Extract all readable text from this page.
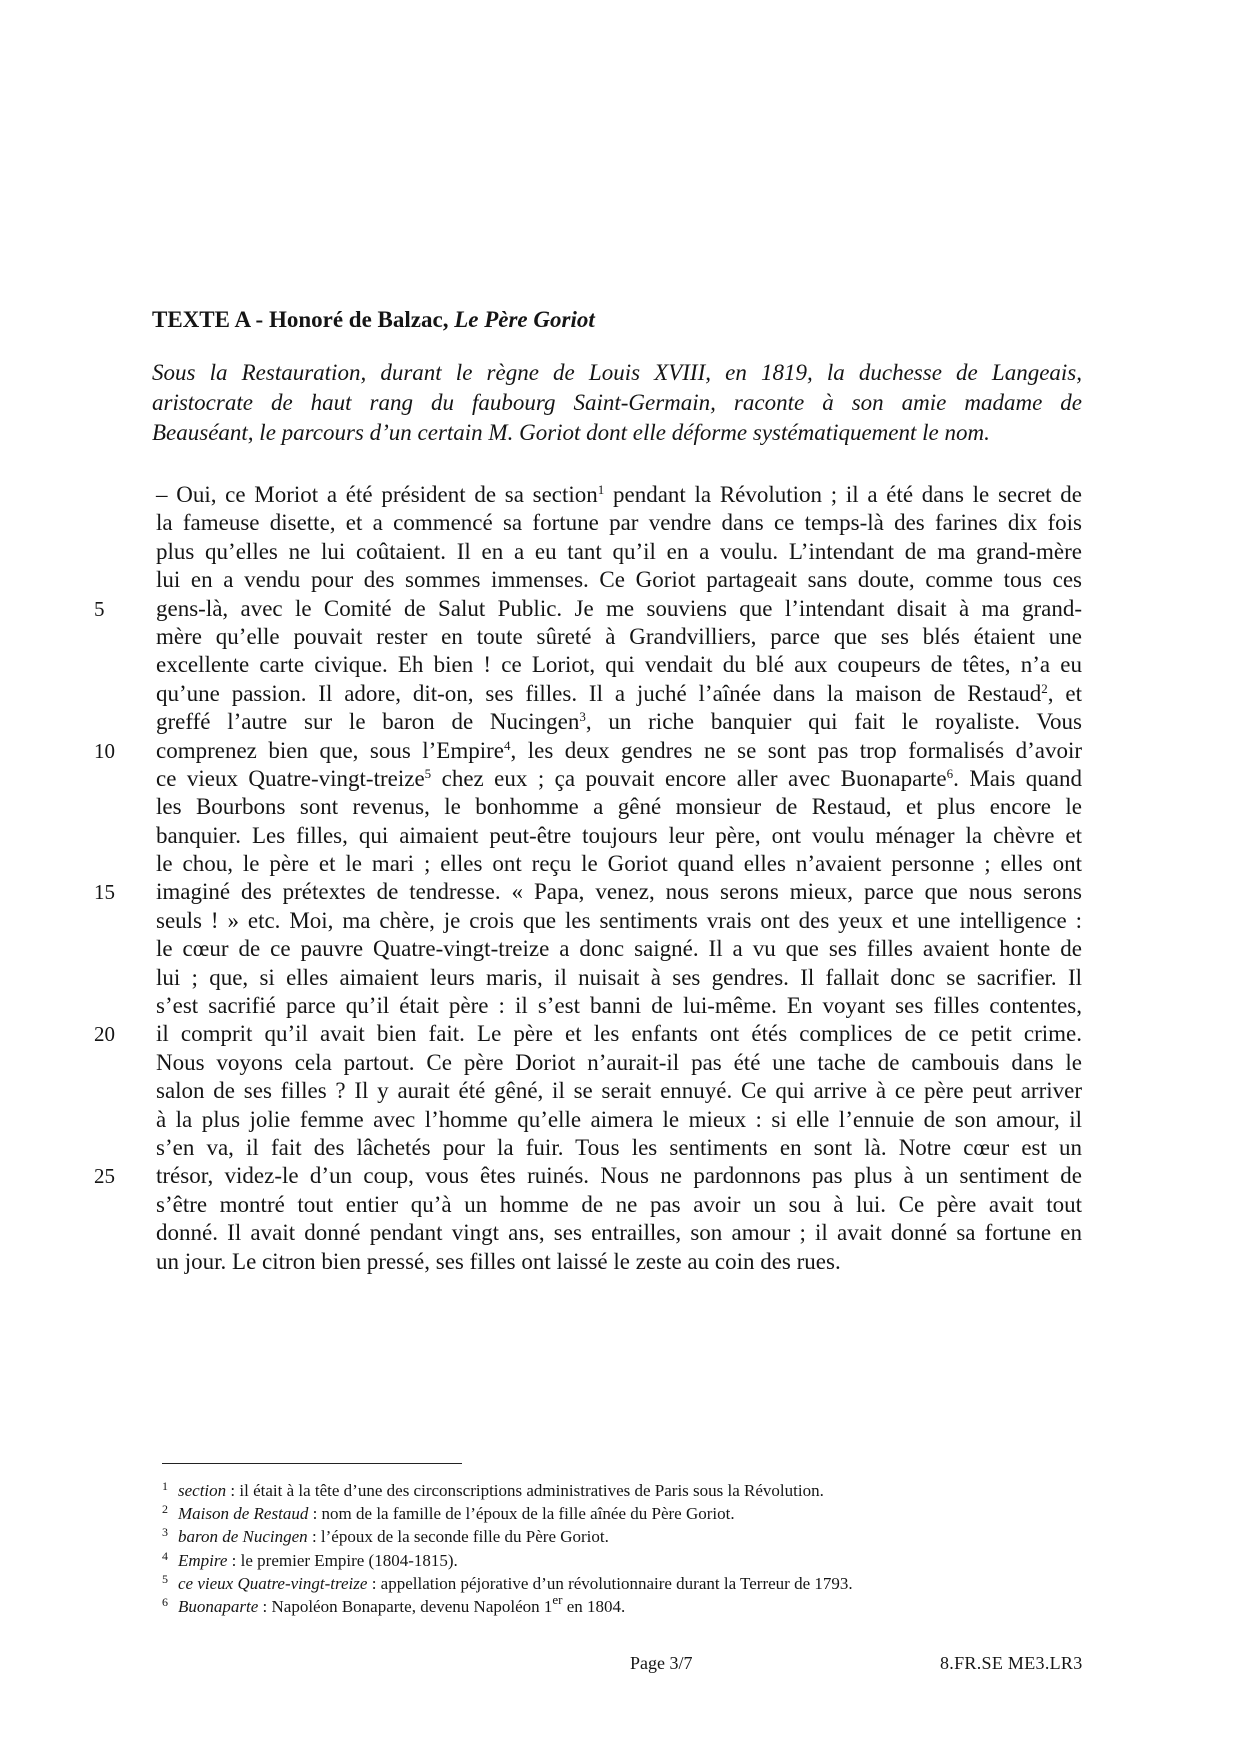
TEXTE A - Honoré de Balzac, Le Père Goriot
Sous la Restauration, durant le règne de Louis XVIII, en 1819, la duchesse de Langeais,
aristocrate de haut rang du faubourg Saint-Germain, raconte à son amie madame de
Beauséant, le parcours d’un certain M. Goriot dont elle déforme systématiquement le nom.
– Oui, ce Moriot a été président de sa section$^1$ pendant la Révolution ; il a été dans le secret de
la fameuse disette, et a commencé sa fortune par vendre dans ce temps-là des farines dix fois
plus qu’elles ne lui coûtaient. Il en a eu tant qu’il en a voulu. L’intendant de ma grand-mère
lui en a vendu pour des sommes immenses. Ce Goriot partageait sans doute, comme tous ces
5 gens-là, avec le Comité de Salut Public. Je me souviens que l’intendant disait à ma grand-
mère qu’elle pouvait rester en toute sûreté à Grandvilliers, parce que ses blés étaient une
excellente carte civique. Eh bien ! ce Loriot, qui vendait du blé aux coupeurs de têtes, n’a eu
qu’une passion. Il adore, dit-on, ses filles. Il a juché l’aînée dans la maison de Restaud$^2$, et
greffé l’autre sur le baron de Nucingen$^3$, un riche banquier qui fait le royaliste. Vous
10 comprenez bien que, sous l’Empire$^4$, les deux gendres ne se sont pas trop formalisés d’avoir
ce vieux Quatre-vingt-treize$^5$ chez eux ; ça pouvait encore aller avec Buonaparte$^6$. Mais quand
les Bourbons sont revenus, le bonhomme a gêné monsieur de Restaud, et plus encore le
banquier. Les filles, qui aimaient peut-être toujours leur père, ont voulu ménager la chèvre et
le chou, le père et le mari ; elles ont reçu le Goriot quand elles n’avaient personne ; elles ont
15 imaginé des prétextes de tendresse. « Papa, venez, nous serons mieux, parce que nous serons
seuls ! » etc. Moi, ma chère, je crois que les sentiments vrais ont des yeux et une intelligence :
le cœur de ce pauvre Quatre-vingt-treize a donc saigné. Il a vu que ses filles avaient honte de
lui ; que, si elles aimaient leurs maris, il nuisait à ses gendres. Il fallait donc se sacrifier. Il
s’est sacrifié parce qu’il était père : il s’est banni de lui-même. En voyant ses filles contentes,
20 il comprit qu’il avait bien fait. Le père et les enfants ont étés complices de ce petit crime.
Nous voyons cela partout. Ce père Doriot n’aurait-il pas été une tache de cambouis dans le
salon de ses filles ? Il y aurait été gêné, il se serait ennuyé. Ce qui arrive à ce père peut arriver
à la plus jolie femme avec l’homme qu’elle aimera le mieux : si elle l’ennuie de son amour, il
s’en va, il fait des lâchetés pour la fuir. Tous les sentiments en sont là. Notre cœur est un
25 trésor, videz-le d’un coup, vous êtes ruinés. Nous ne pardonnons pas plus à un sentiment de
s’être montré tout entier qu’à un homme de ne pas avoir un sou à lui. Ce père avait tout
donné. Il avait donné pendant vingt ans, ses entrailles, son amour ; il avait donné sa fortune en
un jour. Le citron bien pressé, ses filles ont laissé le zeste au coin des rues.
1 section : il était à la tête d’une des circonscriptions administratives de Paris sous la Révolution.
2 Maison de Restaud : nom de la famille de l’époux de la fille aînée du Père Goriot.
3 baron de Nucingen : l’époux de la seconde fille du Père Goriot.
4 Empire : le premier Empire (1804-1815).
5 ce vieux Quatre-vingt-treize : appellation péjorative d’un révolutionnaire durant la Terreur de 1793.
6 Buonaparte : Napoléon Bonaparte, devenu Napoléon 1er en 1804.
Page 3/7	8.FR.SE ME3.LR3
